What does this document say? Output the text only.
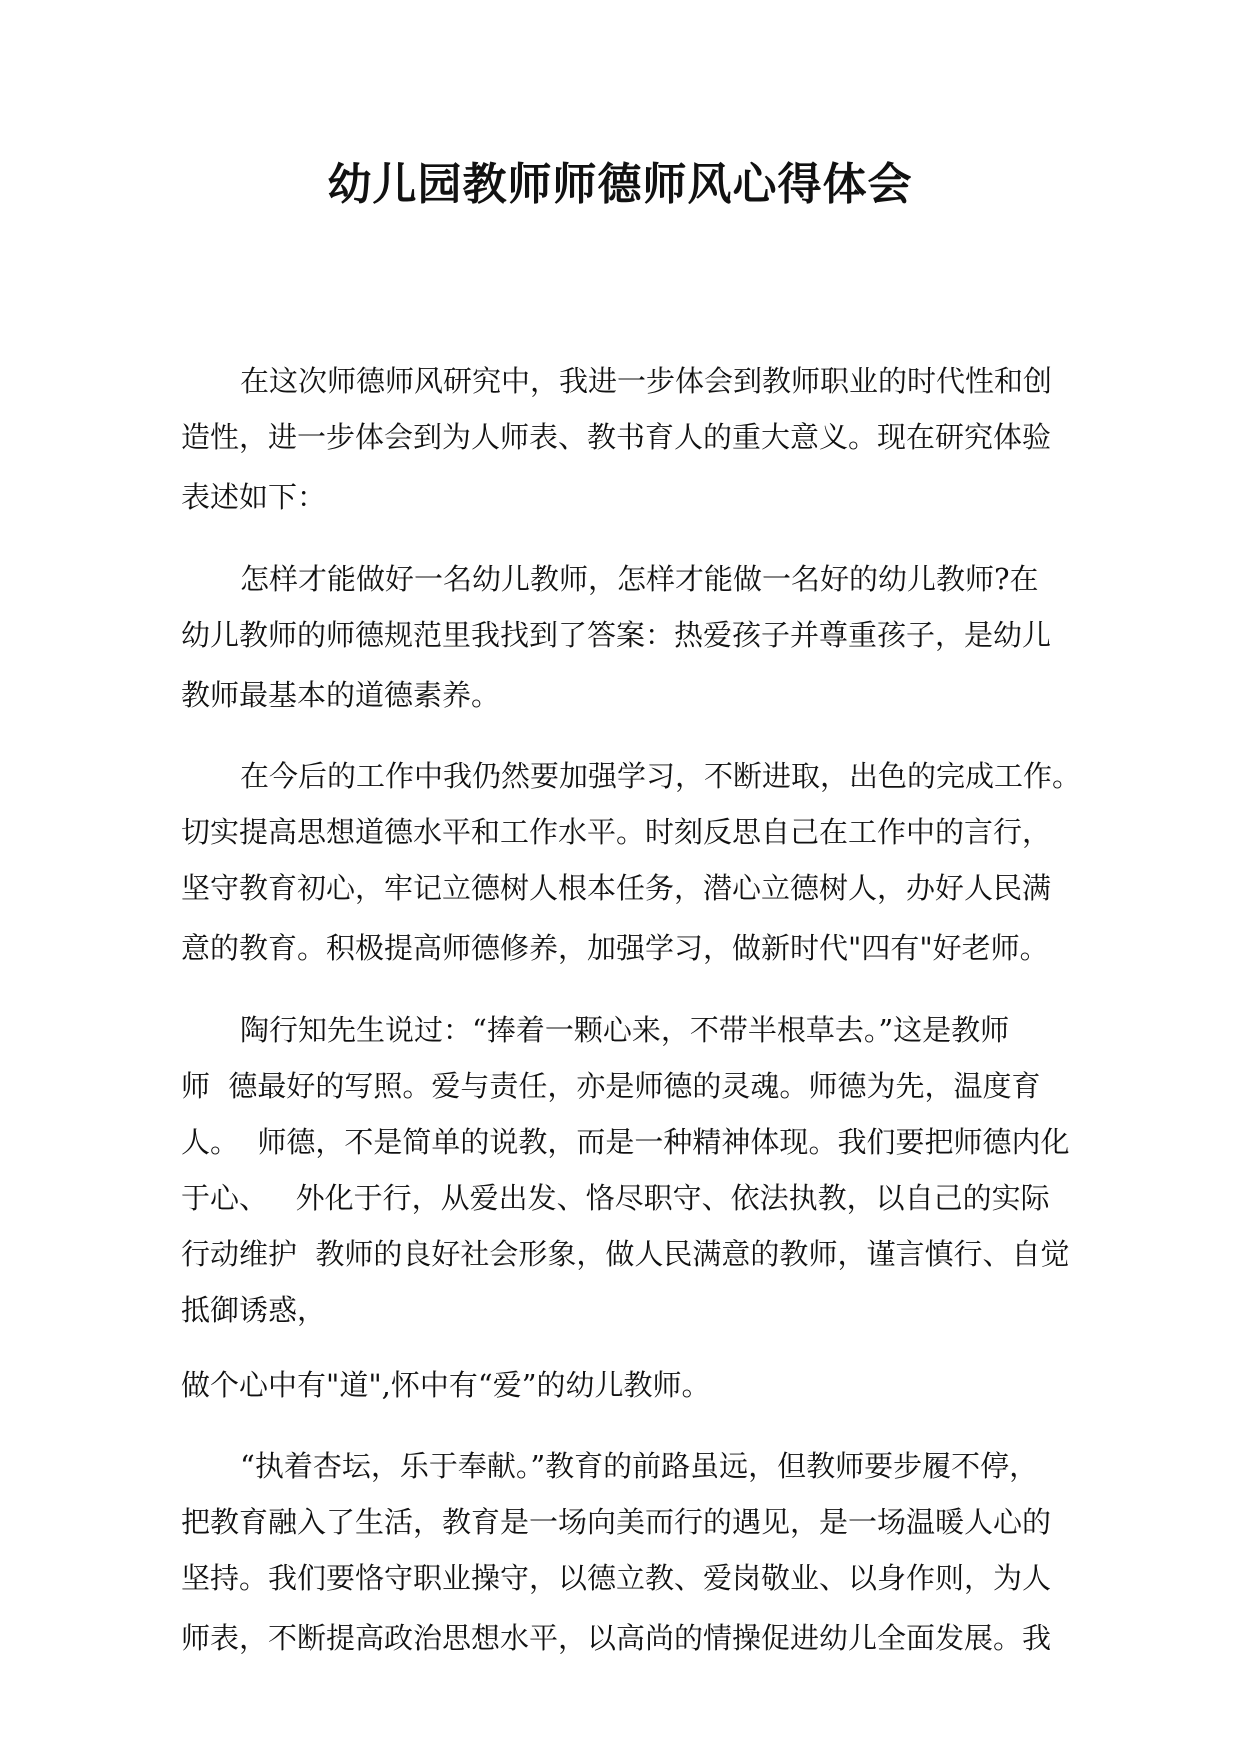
幼儿园教师师德师风心得体会
在这次师德师风研究中，我进一步体会到教师职业的时代性和创
造性，进一步体会到为人师表、教书育人的重大意义。现在研究体验
表述如下：
怎样才能做好一名幼儿教师，怎样才能做一名好的幼儿教师?在
幼儿教师的师德规范里我找到了答案：热爱孩子并尊重孩子，是幼儿
教师最基本的道德素养。
在今后的工作中我仍然要加强学习，不断进取，出色的完成工作。
切实提高思想道德水平和工作水平。时刻反思自己在工作中的言行，
坚守教育初心，牢记立德树人根本任务，潜心立德树人，办好人民满
意的教育。积极提高师德修养，加强学习，做新时代"四有"好老师。
陶行知先生说过：“捧着一颗心来，不带半根草去。”这是教师
师  德最好的写照。爱与责任，亦是师德的灵魂。师德为先，温度育
人。  师德，不是简单的说教，而是一种精神体现。我们要把师德内化
于心、   外化于行，从爱出发、恪尽职守、依法执教，以自己的实际
行动维护  教师的良好社会形象，做人民满意的教师，谨言慎行、自觉
抵御诱惑，
做个心中有"道",怀中有“爱”的幼儿教师。
“执着杏坛，乐于奉献。”教育的前路虽远，但教师要步履不停，
把教育融入了生活，教育是一场向美而行的遇见，是一场温暖人心的
坚持。我们要恪守职业操守，以德立教、爱岗敬业、以身作则，为人
师表，不断提高政治思想水平，以高尚的情操促进幼儿全面发展。我
